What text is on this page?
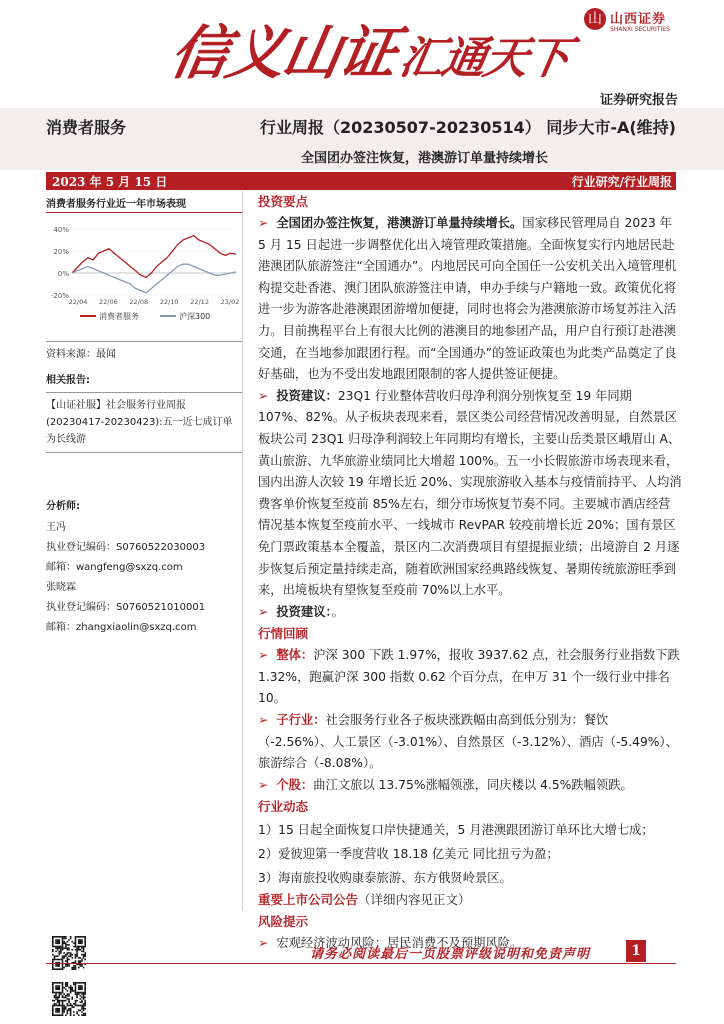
信义山证汇通天下
山 山西证券
SHANXI SECURITIES
证券研究报告
消费者服务	行业周报（20230507-20230514） 同步大市-A(维持)
全国团办签注恢复，港澳游订单量持续增长
2023 年 5 月 15 日	行业研究/行业周报
消费者服务行业近一年市场表现
40%
20%
0%
-20%
22/04 22/06 22/08 22/10 22/12 23/02
消费者服务	沪深300
资料来源：最闻
相关报告:
【山证社服】社会服务行业周报(20230417-20230423):五一近七成订单为长线游
分析师:
王冯
执业登记编码：S0760522030003
邮箱：wangfeng@sxzq.com
张晓霖
执业登记编码：S0760521010001
邮箱：zhangxiaolin@sxzq.com
投资要点
➢ 全国团办签注恢复，港澳游订单量持续增长。国家移民管理局自 2023 年 5 月 15 日起进一步调整优化出入境管理政策措施。全面恢复实行内地居民赴港澳团队旅游签注“全国通办”。内地居民可向全国任一公安机关出入境管理机构提交赴香港、澳门团队旅游签注申请，申办手续与户籍地一致。政策优化将进一步为游客赴港澳跟团游增加便捷，同时也将会为港澳旅游市场复苏注入活力。目前携程平台上有很大比例的港澳目的地参团产品，用户自行预订赴港澳交通，在当地参加跟团行程。而“全国通办”的签证政策也为此类产品奠定了良好基础，也为不受出发地跟团限制的客人提供签证便捷。
➢ 投资建议：23Q1 行业整体营收归母净利润分别恢复至 19 年同期 107%、82%。从子板块表现来看，景区类公司经营情况改善明显，自然景区板块公司 23Q1 归母净利润较上年同期均有增长，主要山岳类景区峨眉山 A、黄山旅游、九华旅游业绩同比大增超 100%。五一小长假旅游市场表现来看，国内出游人次较 19 年增长近 20%、实现旅游收入基本与疫情前持平、人均消费客单价恢复至疫前 85%左右，细分市场恢复节奏不同。主要城市酒店经营情况基本恢复至疫前水平、一线城市 RevPAR 较疫前增长近 20%；国有景区免门票政策基本全覆盖，景区内二次消费项目有望提振业绩；出境游自 2 月逐步恢复后预定量持续走高，随着欧洲国家经典路线恢复、暑期传统旅游旺季到来，出境板块有望恢复至疫前 70%以上水平。
➢ 投资建议：。
行情回顾
➢ 整体：沪深 300 下跌 1.97%，报收 3937.62 点，社会服务行业指数下跌 1.32%，跑赢沪深 300 指数 0.62 个百分点，在申万 31 个一级行业中排名 10。
➢ 子行业：社会服务行业各子板块涨跌幅由高到低分别为：餐饮（-2.56%）、人工景区（-3.01%）、自然景区（-3.12%）、酒店（-5.49%）、旅游综合（-8.08%）。
➢ 个股：曲江文旅以 13.75%涨幅领涨，同庆楼以 4.5%跌幅领跌。
行业动态
1）15 日起全面恢复口岸快捷通关，5 月港澳跟团游订单环比大增七成；
2）爱彼迎第一季度营收 18.18 亿美元 同比扭亏为盈；
3）海南旅投收购康泰旅游、东方俄贤岭景区。
重要上市公司公告（详细内容见正文）
风险提示
➢ 宏观经济波动风险；居民消费不及预期风险。
请务必阅读最后一页股票评级说明和免责声明	1
